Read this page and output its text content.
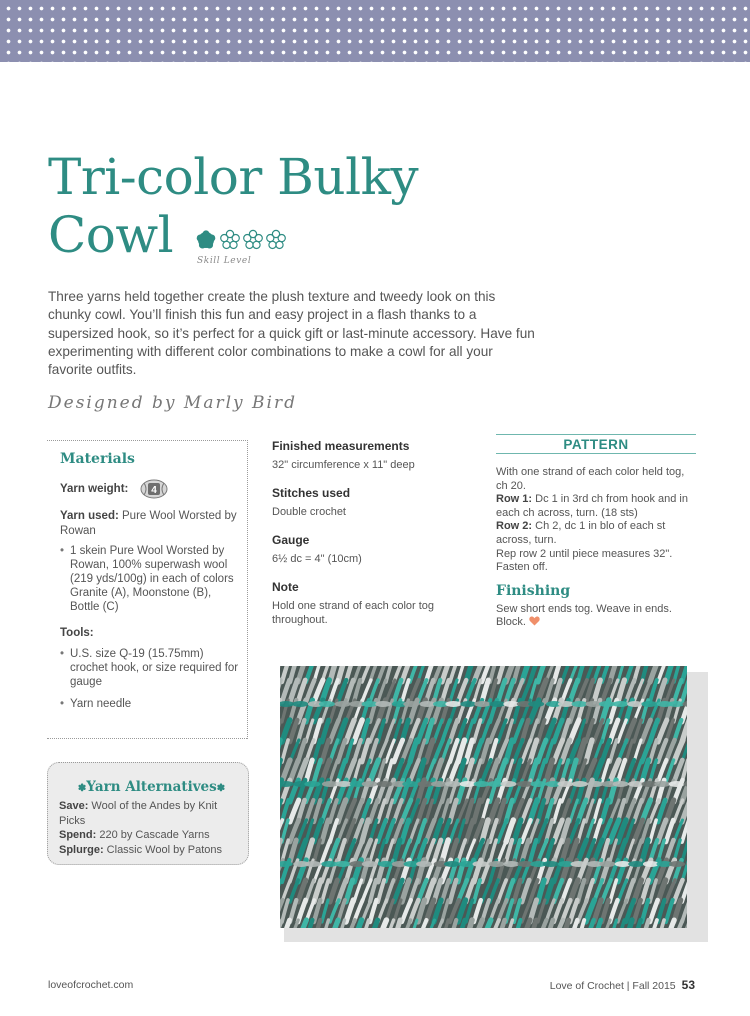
Tri-color Bulky
Cowl	Skill Level
Three yarns held together create the plush texture and tweedy look on this chunky cowl. You’ll finish this fun and easy project in a flash thanks to a supersized hook, so it’s perfect for a quick gift or last-minute accessory. Have fun experimenting with different color combinations to make a cowl for all your favorite outfits.
Designed by Marly Bird
Materials
Yarn weight: 4
Yarn used: Pure Wool Worsted by Rowan
• 1 skein Pure Wool Worsted by Rowan, 100% superwash wool (219 yds/100g) in each of colors Granite (A), Moonstone (B), Bottle (C)
Tools:
• U.S. size Q-19 (15.75mm) crochet hook, or size required for gauge
• Yarn needle
✽Yarn Alternatives✽
Save: Wool of the Andes by Knit Picks
Spend: 220 by Cascade Yarns
Splurge: Classic Wool by Patons
Finished measurements
32" circumference x 11" deep
Stitches used
Double crochet
Gauge
6½ dc = 4" (10cm)
Note
Hold one strand of each color tog throughout.
PATTERN
With one strand of each color held tog, ch 20.
Row 1: Dc 1 in 3rd ch from hook and in each ch across, turn. (18 sts)
Row 2: Ch 2, dc 1 in blo of each st across, turn.
Rep row 2 until piece measures 32". Fasten off.
Finishing
Sew short ends tog. Weave in ends. Block.
loveofcrochet.com	Love of Crochet | Fall 2015 53
